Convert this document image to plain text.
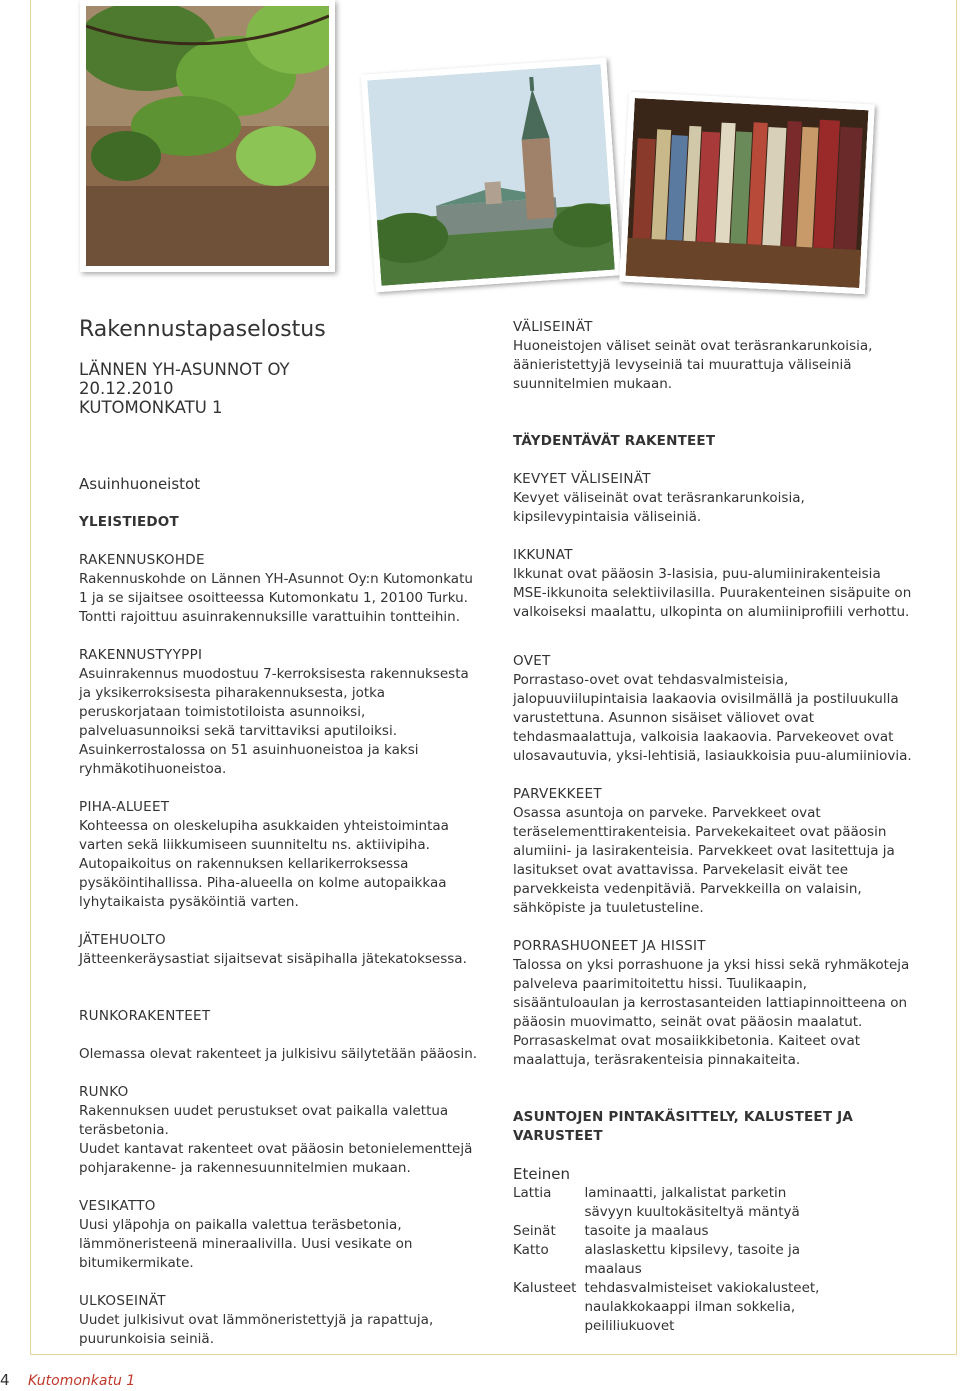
Rakennustapaselostus

LÄNNEN YH-ASUNNOT OY

20.12.2010

KUTOMONKATU 1

Asuinhuoneistot

YLEISTIEDOT

RAKENNUSKOHDE

Rakennuskohde on Lännen YH-Asunnot Oy:n Kutomonkatu 1 ja se sijaitsee osoitteessa Kutomonkatu 1, 20100 Turku. Tontti rajoittuu asuinrakennuksille varattuihin tontteihin.

RAKENNUSTYYPPI

Asuinrakennus muodostuu 7-kerroksisesta rakennuksesta ja yksikerroksisesta piharakennuksesta, jotka peruskorjataan toimistotiloista asunnoiksi, palveluasunnoiksi sekä tarvittaviksi aputiloiksi. Asuinkerrostalossa on 51 asuinhuoneistoa ja kaksi ryhmäkotihuoneistoa.

PIHA-ALUEET

Kohteessa on oleskelupiha asukkaiden yhteistoimintaa varten sekä liikkumiseen suunniteltu ns. aktiivipiha. Autopaikoitus on rakennuksen kellarikerroksessa pysäköintihallissa. Piha-alueella on kolme autopaikkaa lyhytaikaista pysäköintiä varten.

JÄTEHUOLTO

Jätteenkeräysastiat sijaitsevat sisäpihalla jätekatoksessa.

RUNKORAKENTEET

Olemassa olevat rakenteet ja julkisivu säilytetään pääosin.

RUNKO

Rakennuksen uudet perustukset ovat paikalla valettua teräsbetonia.

Uudet kantavat rakenteet ovat pääosin betonielementtejä pohjarakenne- ja rakennesuunnitelmien mukaan.

VESIKATTO

Uusi yläpohja on paikalla valettua teräsbetonia, lämmöneristeenä mineraalivilla. Uusi vesikate on bitumikermikate.

ULKOSEINÄT

Uudet julkisivut ovat lämmöneristettyjä ja rapattuja, puurunkoisia seiniä.

VÄLISEINÄT

Huoneistojen väliset seinät ovat teräsrankarunkoisia, äänieristettyjä levyseiniä tai muurattuja väliseiniä suunnitelmien mukaan.

TÄYDENTÄVÄT RAKENTEET

KEVYET VÄLISEINÄT

Kevyet väliseinät ovat teräsrankarunkoisia, kipsilevypintaisia väliseiniä.

IKKUNAT

Ikkunat ovat pääosin 3-lasisia, puu-alumiinirakenteisia MSE-ikkunoita selektiivilasilla. Puurakenteinen sisäpuite on valkoiseksi maalattu, ulkopinta on alumiiniprofiili verhottu.

OVET

Porrastaso-ovet ovat tehdasvalmisteisia, jalopuuviilupintaisia laakaovia ovisilmällä ja postiluukulla varustettuna. Asunnon sisäiset väliovet ovat tehdasmaalattuja, valkoisia laakaovia. Parvekeovet ovat ulosavautuvia, yksi-lehtisiä, lasiaukkoisia puu-alumiiniovia.

PARVEKKEET

Osassa asuntoja on parveke. Parvekkeet ovat teräselementtirakenteisia. Parvekekaiteet ovat pääosin alumiini- ja lasirakenteisia. Parvekkeet ovat lasitettuja ja lasitukset ovat avattavissa. Parvekelasit eivät tee parvekkeista vedenpitäviä. Parvekkeilla on valaisin, sähköpiste ja tuuletusteline.

PORRASHUONEET JA HISSIT

Talossa on yksi porrashuone ja yksi hissi sekä ryhmäkoteja palveleva paarimitoitettu hissi. Tuulikaapin, sisääntuloaulan ja kerrostasanteiden lattiapinnoitteena on pääosin muovimatto, seinät ovat pääosin maalatut. Porrasaskelmat ovat mosaiikkibetonia. Kaiteet ovat maalattuja, teräsrakenteisia pinnakaiteita.

ASUNTOJEN PINTAKÄSITTELY, KALUSTEET JA VARUSTEET

Eteinen

Lattia	laminaatti, jalkalistat parketin sävyyn kuultokäsiteltyä mäntyä
Seinät	tasoite ja maalaus
Katto	alaslaskettu kipsilevy, tasoite ja maalaus
Kalusteet	tehdasvalmisteiset vakiokalusteet, naulakkokaappi ilman sokkelia, peililiukuovet
4 Kutomonkatu 1
